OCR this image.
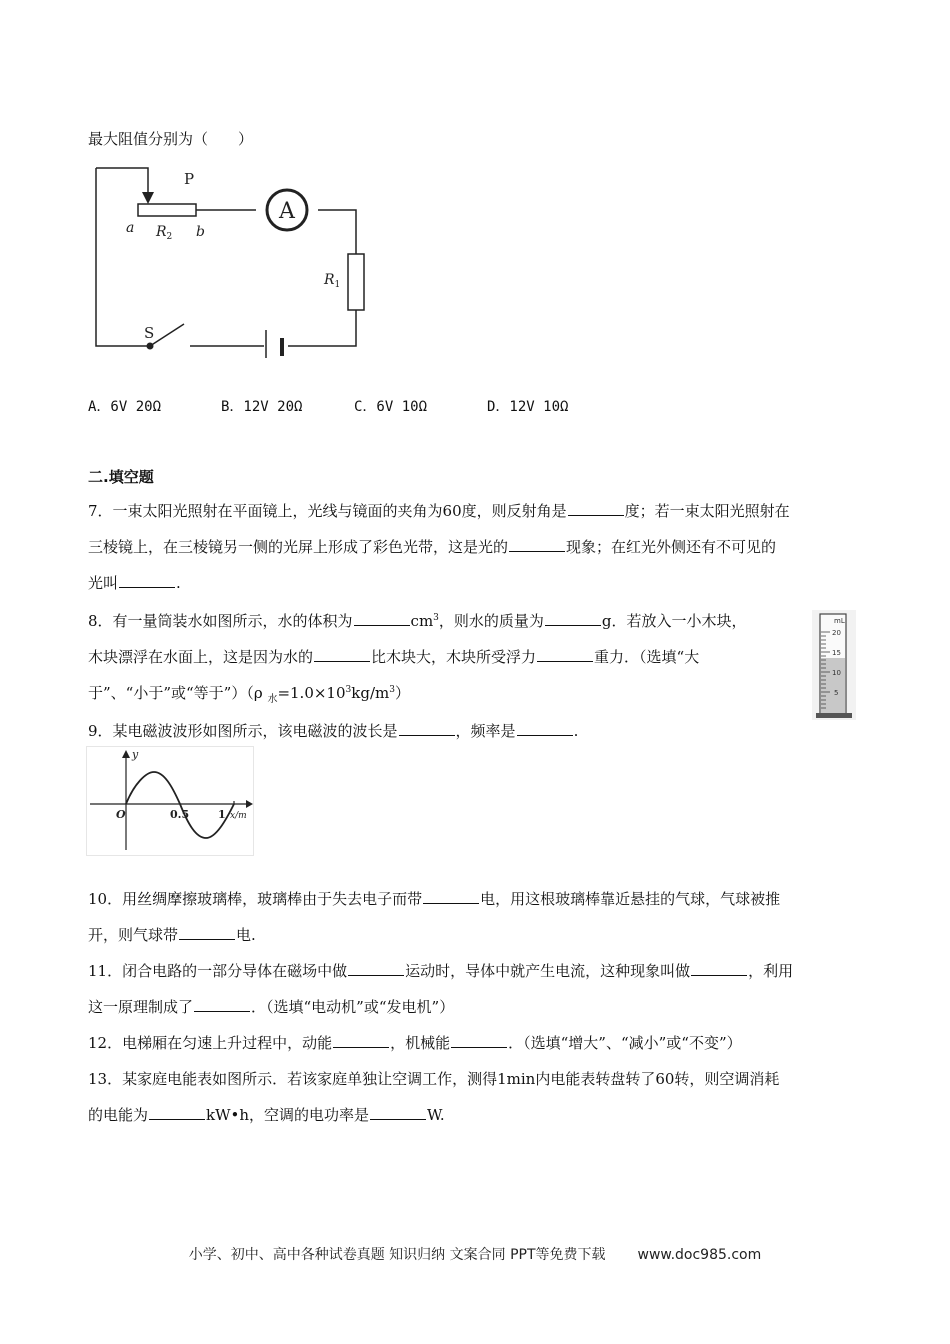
最大阻值分别为（　　）
P
A
a $R_2$ b
$R_1$
S
A．6V 20Ω	B．12V 20Ω	C．6V 10Ω	D．12V 10Ω
二.填空题
7．一束太阳光照射在平面镜上，光线与镜面的夹角为60度，则反射角是	度；若一束太阳光照射在
三棱镜上，在三棱镜另一侧的光屏上形成了彩色光带，这是光的	现象；在红光外侧还有不可见的
光叫	.
8．有一量筒装水如图所示，水的体积为	$cm^3$，则水的质量为	g．若放入一小木块，
木块漂浮在水面上，这是因为水的	比木块大，木块所受浮力	重力．（选填“大
于”、“小于”或“等于”）（ρ $_水=1.0\times 10^3kg/m^3$）
mL
20
15
10
5
9．某电磁波波形如图所示，该电磁波的波长是	，频率是	.
y
O	0.5	1 x/m
10．用丝绸摩擦玻璃棒，玻璃棒由于失去电子而带	电，用这根玻璃棒靠近悬挂的气球，气球被推
开，则气球带	电.
11．闭合电路的一部分导体在磁场中做	运动时，导体中就产生电流，这种现象叫做	，利用
这一原理制成了	．（选填“电动机”或“发电机”）
12．电梯厢在匀速上升过程中，动能	，机械能	．（选填“增大”、“减小”或“不变”）
13．某家庭电能表如图所示．若该家庭单独让空调工作，测得1min内电能表转盘转了60转，则空调消耗
的电能为	kW•h，空调的电功率是	W.
小学、初中、高中各种试卷真题 知识归纳 文案合同 PPT等免费下载 www.doc985.com
